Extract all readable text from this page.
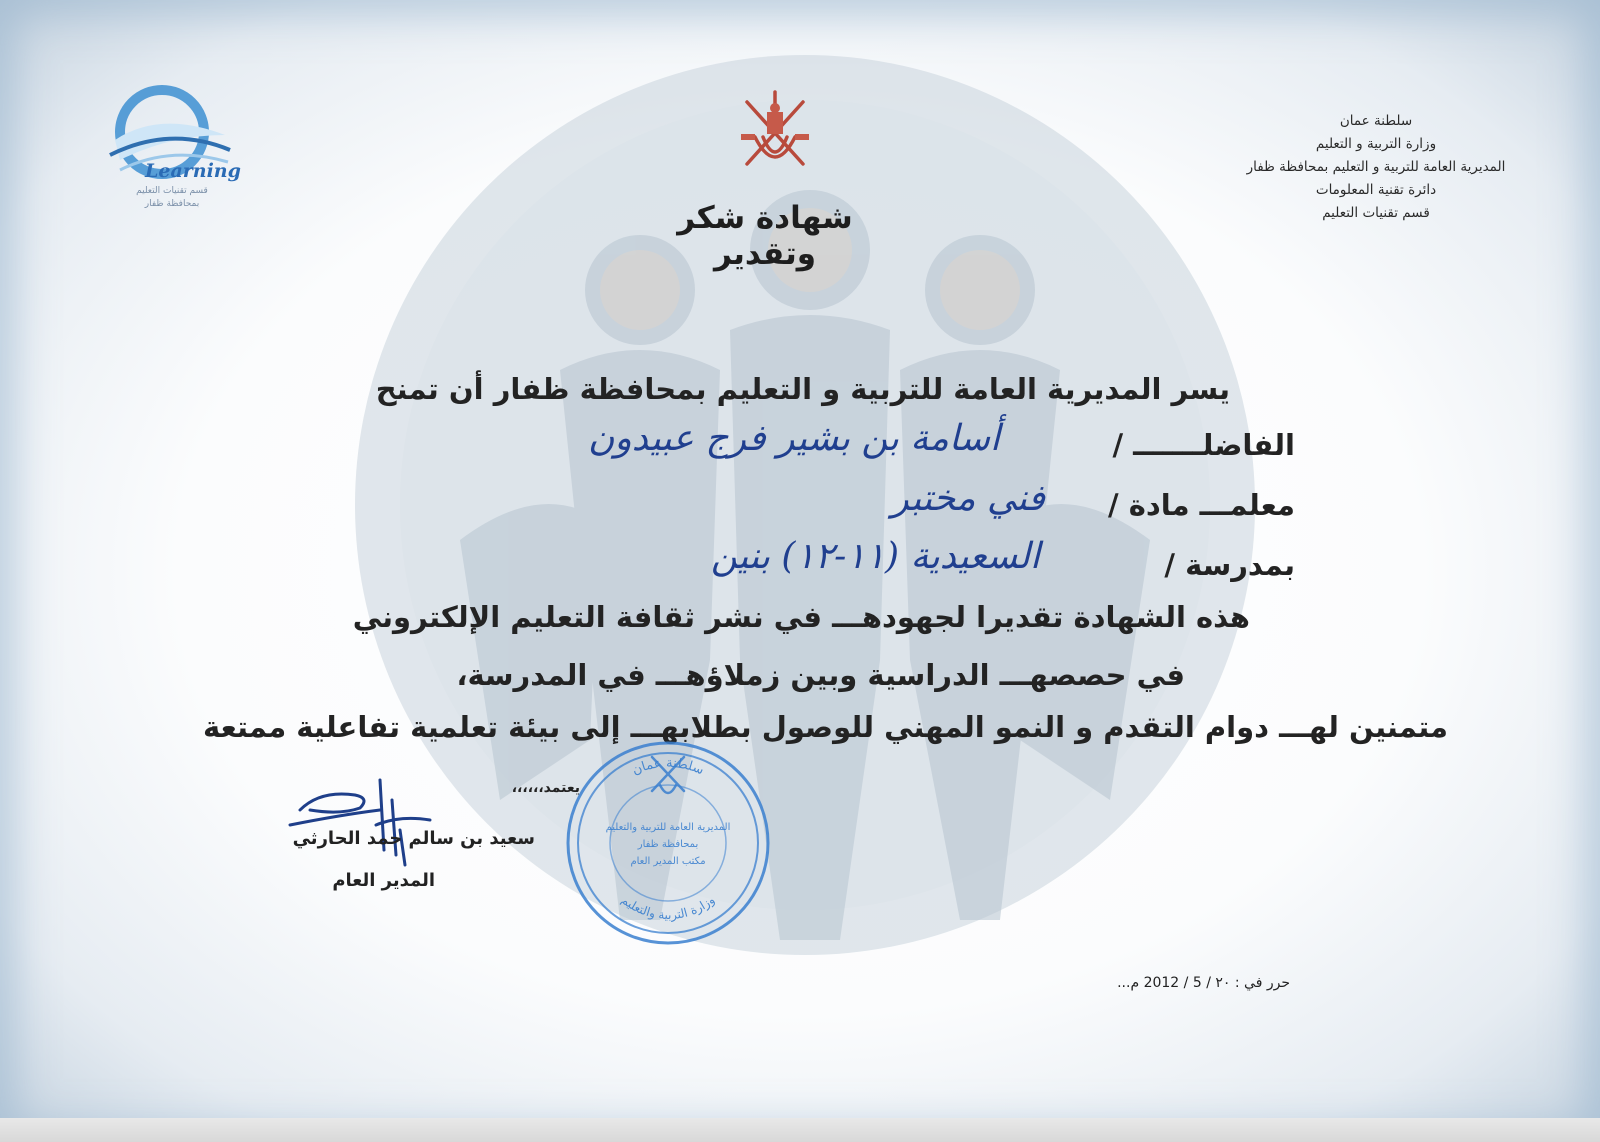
Learning
قسم تقنيات التعليم
بمحافظة ظفار
سلطنة عمان
وزارة التربية و التعليم
المديرية العامة للتربية و التعليم بمحافظة ظفار
دائرة تقنية المعلومات
قسم تقنيات التعليم
شهادة شكر وتقدير
يسر المديرية العامة للتربية و التعليم بمحافظة ظفار أن تمنح
الفاضلـــــــ /
أسامة بن بشير فرج عبيدون
معلمـــ مادة /
فني مختبر
بمدرسة /
السعيدية (١١-١٢) بنين
هذه الشهادة تقديرا لجهودهـــ في نشر ثقافة التعليم الإلكتروني
في حصصهـــ الدراسية وبين زملاؤهـــ في المدرسة،
متمنين لهـــ دوام التقدم و النمو المهني للوصول بطلابهـــ إلى بيئة تعلمية تفاعلية ممتعة
يعتمد،،،،،،
سعيد بن سالم حمد الحارثي
المدير العام
سلطنة عمان
المديرية العامة للتربية والتعليم
بمحافظة ظفار
مكتب المدير العام
وزارة التربية والتعليم
حرر في : ٢٠ / 5 / 2012 م...
